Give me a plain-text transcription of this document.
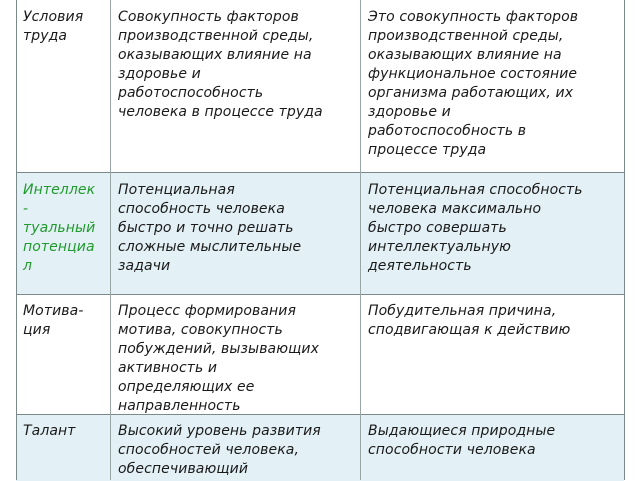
Условия
труда
Совокупность факторов
производственной среды,
оказывающих влияние на
здоровье и
работоспособность
человека в процессе труда
Это совокупность факторов
производственной среды,
оказывающих влияние на
функциональное состояние
организма работающих, их
здоровье и
работоспособность в
процессе труда
Интеллек
-
туальный
потенциа
л
Потенциальная
способность человека
быстро и точно решать
сложные мыслительные
задачи
Потенциальная способность
человека максимально
быстро совершать
интеллектуальную
деятельность
Мотива-
ция
Процесс формирования
мотива, совокупность
побуждений, вызывающих
активность и
определяющих ее
направленность
Побудительная причина,
сподвигающая к действию
Талант	Высокий уровень развития
способностей человека,
обеспечивающий
Выдающиеся природные
способности человека
